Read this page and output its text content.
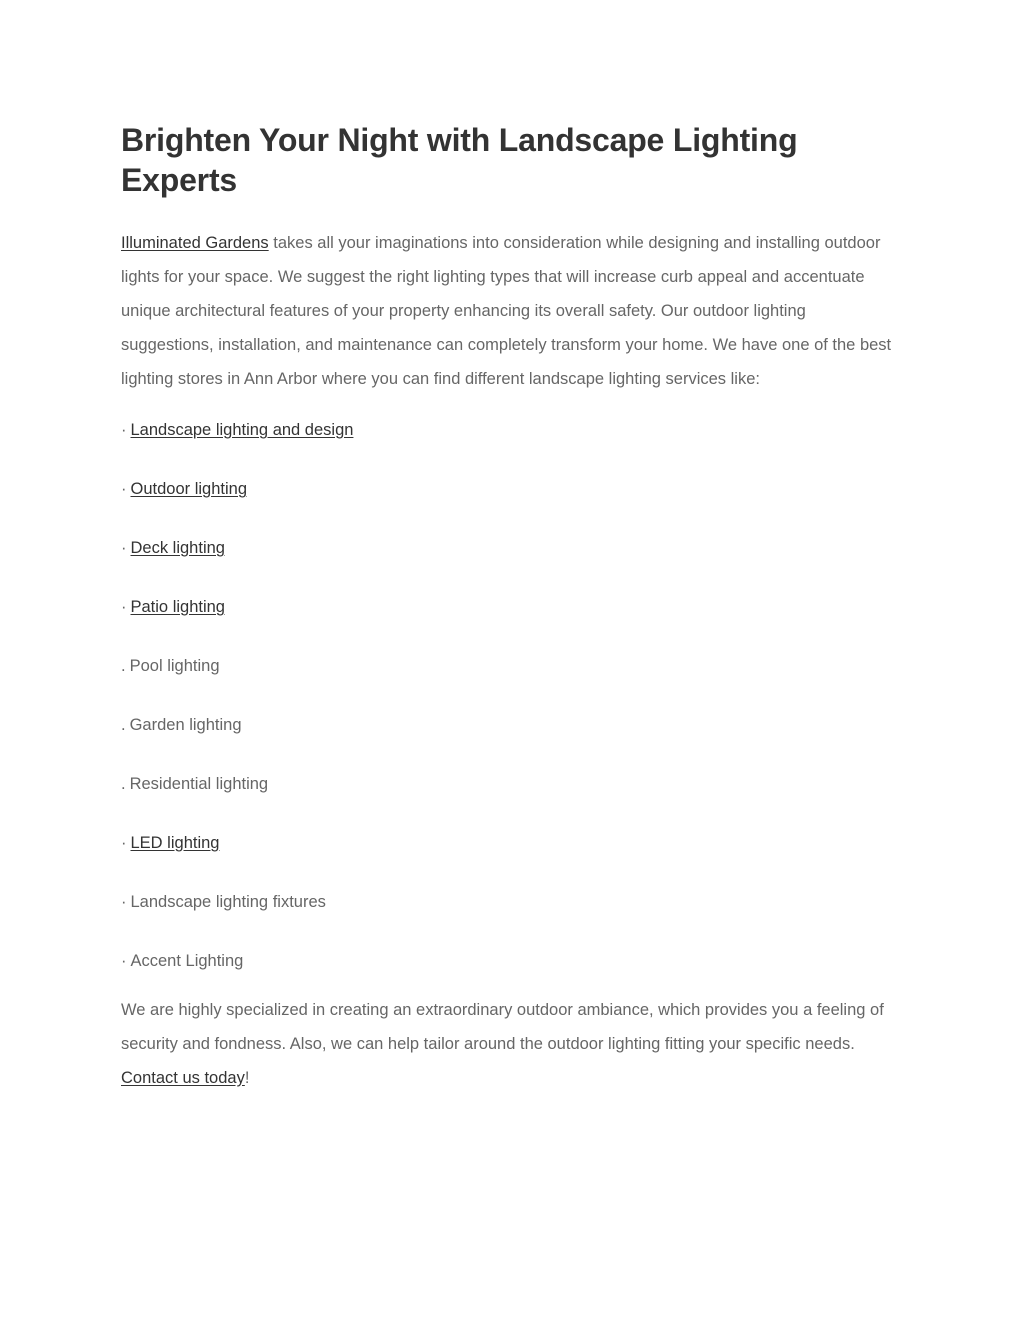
Brighten Your Night with Landscape Lighting Experts

Illuminated Gardens takes all your imaginations into consideration while designing and installing outdoor lights for your space. We suggest the right lighting types that will increase curb appeal and accentuate unique architectural features of your property enhancing its overall safety. Our outdoor lighting suggestions, installation, and maintenance can completely transform your home. We have one of the best lighting stores in Ann Arbor where you can find different landscape lighting services like:

· Landscape lighting and design
· Outdoor lighting
· Deck lighting
· Patio lighting
. Pool lighting
. Garden lighting
. Residential lighting
· LED lighting
· Landscape lighting fixtures
· Accent Lighting

We are highly specialized in creating an extraordinary outdoor ambiance, which provides you a feeling of security and fondness. Also, we can help tailor around the outdoor lighting fitting your specific needs. Contact us today!
